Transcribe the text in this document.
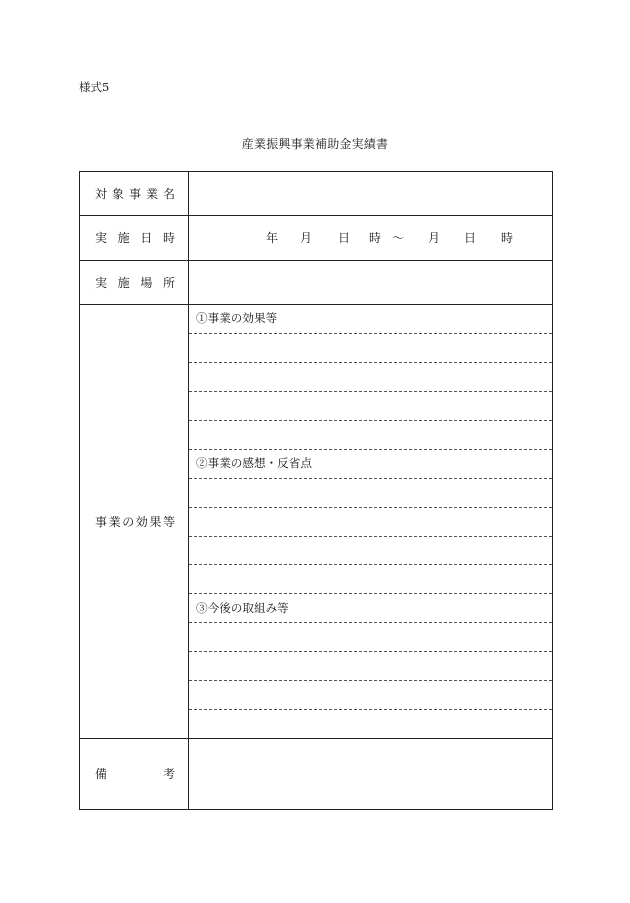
様式5
産業振興事業補助金実績書
対 象 事 業 名
実 施 日 時	年 月 日 時 ～ 月 日 時
実 施 場 所
事 業 の 効 果 等
①事業の効果等
②事業の感想・反省点
③今後の取組み等
備	考
